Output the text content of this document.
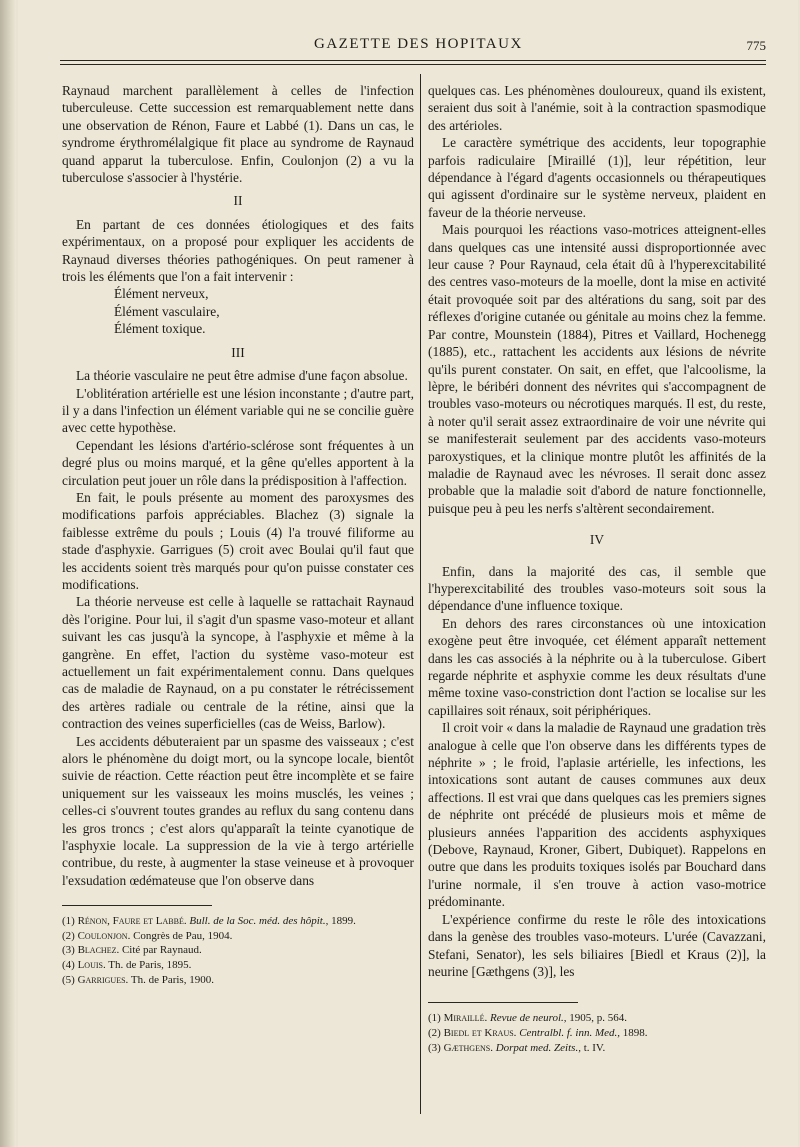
GAZETTE DES HOPITAUX	775

Raynaud marchent parallèlement à celles de l'infection tuberculeuse. Cette succession est remarquablement nette dans une observation de Rénon, Faure et Labbé (1). Dans un cas, le syndrome érythromélalgique fit place au syndrome de Raynaud quand apparut la tuberculose. Enfin, Coulonjon (2) a vu la tuberculose s'associer à l'hystérie.

II

En partant de ces données étiologiques et des faits expérimentaux, on a proposé pour expliquer les accidents de Raynaud diverses théories pathogéniques. On peut ramener à trois les éléments que l'on a fait intervenir :

Élément nerveux,
Élément vasculaire,
Élément toxique.
III

La théorie vasculaire ne peut être admise d'une façon absolue.

L'oblitération artérielle est une lésion inconstante ; d'autre part, il y a dans l'infection un élément variable qui ne se concilie guère avec cette hypothèse.

Cependant les lésions d'artério-sclérose sont fréquentes à un degré plus ou moins marqué, et la gêne qu'elles apportent à la circulation peut jouer un rôle dans la prédisposition à l'affection.

En fait, le pouls présente au moment des paroxysmes des modifications parfois appréciables. Blachez (3) signale la faiblesse extrême du pouls ; Louis (4) l'a trouvé filiforme au stade d'asphyxie. Garrigues (5) croit avec Boulai qu'il faut que les accidents soient très marqués pour qu'on puisse constater ces modifications.

La théorie nerveuse est celle à laquelle se rattachait Raynaud dès l'origine. Pour lui, il s'agit d'un spasme vaso-moteur et allant suivant les cas jusqu'à la syncope, à l'asphyxie et même à la gangrène. En effet, l'action du système vaso-moteur est actuellement un fait expérimentalement connu. Dans quelques cas de maladie de Raynaud, on a pu constater le rétrécissement des artères radiale ou centrale de la rétine, ainsi que la contraction des veines superficielles (cas de Weiss, Barlow).

Les accidents débuteraient par un spasme des vaisseaux ; c'est alors le phénomène du doigt mort, ou la syncope locale, bientôt suivie de réaction. Cette réaction peut être incomplète et se faire uniquement sur les vaisseaux les moins musclés, les veines ; celles-ci s'ouvrent toutes grandes au reflux du sang contenu dans les gros troncs ; c'est alors qu'apparaît la teinte cyanotique de l'asphyxie locale. La suppression de la vie à tergo artérielle contribue, du reste, à augmenter la stase veineuse et à provoquer l'exsudation œdémateuse que l'on observe dans

(1) Rénon, Faure et Labbé. Bull. de la Soc. méd. des hôpit., 1899.
(2) Coulonjon. Congrès de Pau, 1904.
(3) Blachez. Cité par Raynaud.
(4) Louis. Th. de Paris, 1895.
(5) Garrigues. Th. de Paris, 1900.

quelques cas. Les phénomènes douloureux, quand ils existent, seraient dus soit à l'anémie, soit à la contraction spasmodique des artérioles.

Le caractère symétrique des accidents, leur topographie parfois radiculaire [Miraillé (1)], leur répétition, leur dépendance à l'égard d'agents occasionnels ou thérapeutiques qui agissent d'ordinaire sur le système nerveux, plaident en faveur de la théorie nerveuse.

Mais pourquoi les réactions vaso-motrices atteignent-elles dans quelques cas une intensité aussi disproportionnée avec leur cause ? Pour Raynaud, cela était dû à l'hyperexcitabilité des centres vaso-moteurs de la moelle, dont la mise en activité était provoquée soit par des altérations du sang, soit par des réflexes d'origine cutanée ou génitale au moins chez la femme. Par contre, Mounstein (1884), Pitres et Vaillard, Hochenegg (1885), etc., rattachent les accidents aux lésions de névrite qu'ils purent constater. On sait, en effet, que l'alcoolisme, la lèpre, le béribéri donnent des névrites qui s'accompagnent de troubles vaso-moteurs ou nécrotiques marqués. Il est, du reste, à noter qu'il serait assez extraordinaire de voir une névrite qui se manifesterait seulement par des accidents vaso-moteurs paroxystiques, et la clinique montre plutôt les affinités de la maladie de Raynaud avec les névroses. Il serait donc assez probable que la maladie soit d'abord de nature fonctionnelle, puisque peu à peu les nerfs s'altèrent secondairement.

IV

Enfin, dans la majorité des cas, il semble que l'hyperexcitabilité des troubles vaso-moteurs soit sous la dépendance d'une influence toxique.

En dehors des rares circonstances où une intoxication exogène peut être invoquée, cet élément apparaît nettement dans les cas associés à la néphrite ou à la tuberculose. Gibert regarde néphrite et asphyxie comme les deux résultats d'une même toxine vaso-constriction dont l'action se localise sur les capillaires soit rénaux, soit périphériques.

Il croit voir « dans la maladie de Raynaud une gradation très analogue à celle que l'on observe dans les différents types de néphrite » ; le froid, l'aplasie artérielle, les infections, les intoxications sont autant de causes communes aux deux affections. Il est vrai que dans quelques cas les premiers signes de néphrite ont précédé de plusieurs mois et même de plusieurs années l'apparition des accidents asphyxiques (Debove, Raynaud, Kroner, Gibert, Dubiquet). Rappelons en outre que dans les produits toxiques isolés par Bouchard dans l'urine normale, il s'en trouve à action vaso-motrice prédominante.

L'expérience confirme du reste le rôle des intoxications dans la genèse des troubles vaso-moteurs. L'urée (Cavazzani, Stefani, Senator), les sels biliaires [Biedl et Kraus (2)], la neurine [Gæthgens (3)], les

(1) Miraillé. Revue de neurol., 1905, p. 564.
(2) Biedl et Kraus. Centralbl. f. inn. Med., 1898.
(3) Gæthgens. Dorpat med. Zeits., t. IV.
